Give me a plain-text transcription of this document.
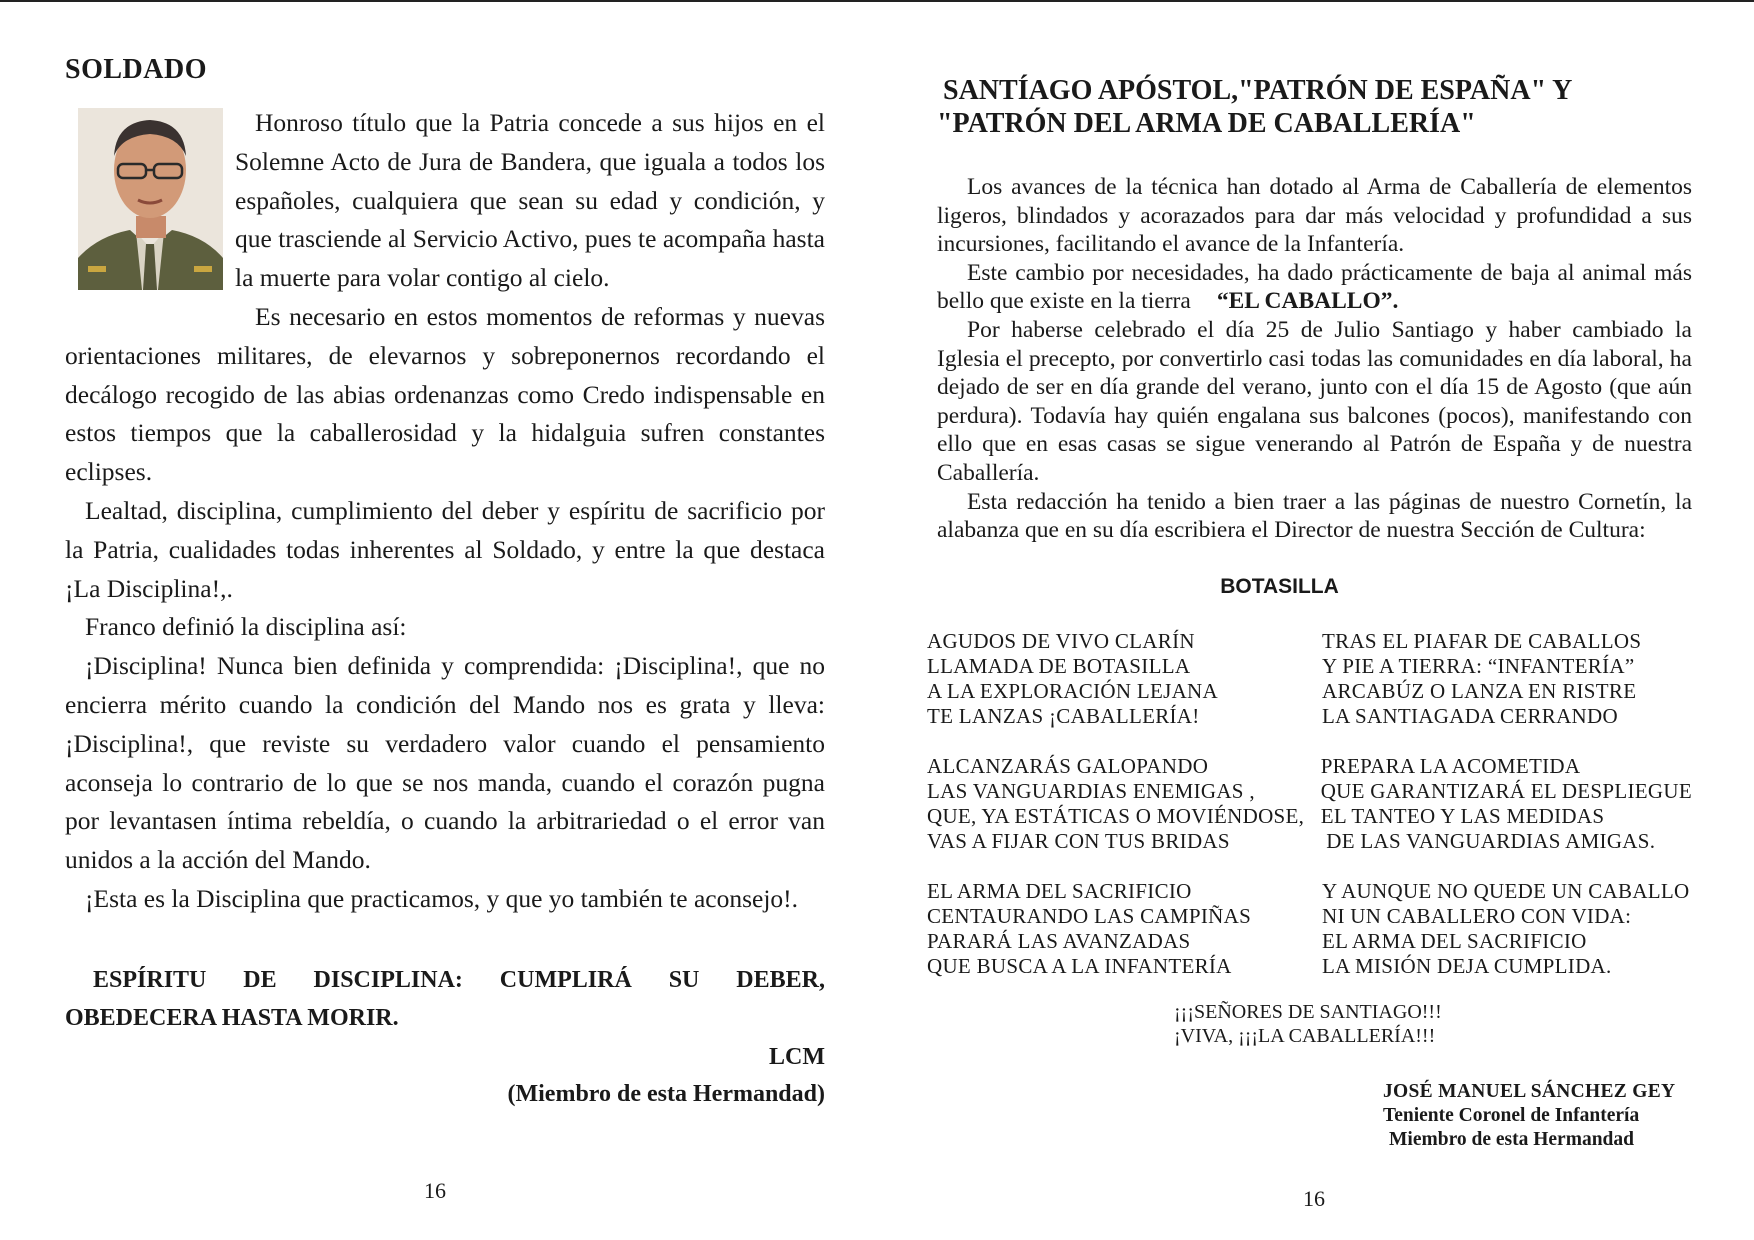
SOLDADO

Honroso título que la Patria concede a sus hijos en el Solemne Acto de Jura de Bandera, que iguala a todos los españoles, cualquiera que sean su edad y condición, y que trasciende al Servicio Activo, pues te acompaña hasta la muerte para volar contigo al cielo.

Es necesario en estos momentos de reformas y nuevas orientaciones militares, de elevarnos y sobreponernos recordando el decálogo recogido de las abias ordenanzas como Credo indispensable en estos tiempos que la caballerosidad y la hidalguia sufren constantes eclipses.

Lealtad, disciplina, cumplimiento del deber y espíritu de sacrificio por la Patria, cualidades todas inherentes al Soldado, y entre la que destaca ¡La Disciplina!,.

Franco definió la disciplina así:

¡Disciplina! Nunca bien definida y comprendida: ¡Disciplina!, que no encierra mérito cuando la condición del Mando nos es grata y lleva: ¡Disciplina!, que reviste su verdadero valor cuando el pensamiento aconseja lo contrario de lo que se nos manda, cuando el corazón pugna por levantasen íntima rebeldía, o cuando la arbitrariedad o el error van unidos a la acción del Mando.

¡Esta es la Disciplina que practicamos, y que yo también te aconsejo!.

ESPÍRITU DE DISCIPLINA: CUMPLIRÁ SU DEBER, OBEDECERA HASTA MORIR.
LCM
(Miembro de esta Hermandad)
16
SANTÍAGO APÓSTOL,"PATRÓN DE ESPAÑA" Y
"PATRÓN DEL ARMA DE CABALLERÍA"

Los avances de la técnica han dotado al Arma de Caballería de elementos ligeros, blindados y acorazados para dar más velocidad y profundidad a sus incursiones, facilitando el avance de la Infantería.

Este cambio por necesidades, ha dado prácticamente de baja al animal más bello que existe en la tierra “EL CABALLO”.

Por haberse celebrado el día 25 de Julio Santiago y haber cambiado la Iglesia el precepto, por convertirlo casi todas las comunidades en día laboral, ha dejado de ser en día grande del verano, junto con el día 15 de Agosto (que aún perdura). Todavía hay quién engalana sus balcones (pocos), manifestando con ello que en esas casas se sigue venerando al Patrón de España y de nuestra Caballería.

Esta redacción ha tenido a bien traer a las páginas de nuestro Cornetín, la alabanza que en su día escribiera el Director de nuestra Sección de Cultura:

BOTASILLA
AGUDOS DE VIVO CLARÍN
LLAMADA DE BOTASILLA
A LA EXPLORACIÓN LEJANA
TE LANZAS ¡CABALLERÍA!
TRAS EL PIAFAR DE CABALLOS
Y PIE A TIERRA: “INFANTERÍA”
ARCABÚZ O LANZA EN RISTRE
LA SANTIAGADA CERRANDO
ALCANZARÁS GALOPANDO
LAS VANGUARDIAS ENEMIGAS ,
QUE, YA ESTÁTICAS O MOVIÉNDOSE,
VAS A FIJAR CON TUS BRIDAS
PREPARA LA ACOMETIDA
QUE GARANTIZARÁ EL DESPLIEGUE
EL TANTEO Y LAS MEDIDAS
DE LAS VANGUARDIAS AMIGAS.
EL ARMA DEL SACRIFICIO
CENTAURANDO LAS CAMPIÑAS
PARARÁ LAS AVANZADAS
QUE BUSCA A LA INFANTERÍA
Y AUNQUE NO QUEDE UN CABALLO
NI UN CABALLERO CON VIDA:
EL ARMA DEL SACRIFICIO
LA MISIÓN DEJA CUMPLIDA.
¡¡¡SEÑORES DE SANTIAGO!!!
¡VIVA, ¡¡¡LA CABALLERÍA!!!
JOSÉ MANUEL SÁNCHEZ GEY
Teniente Coronel de Infantería
Miembro de esta Hermandad
16
